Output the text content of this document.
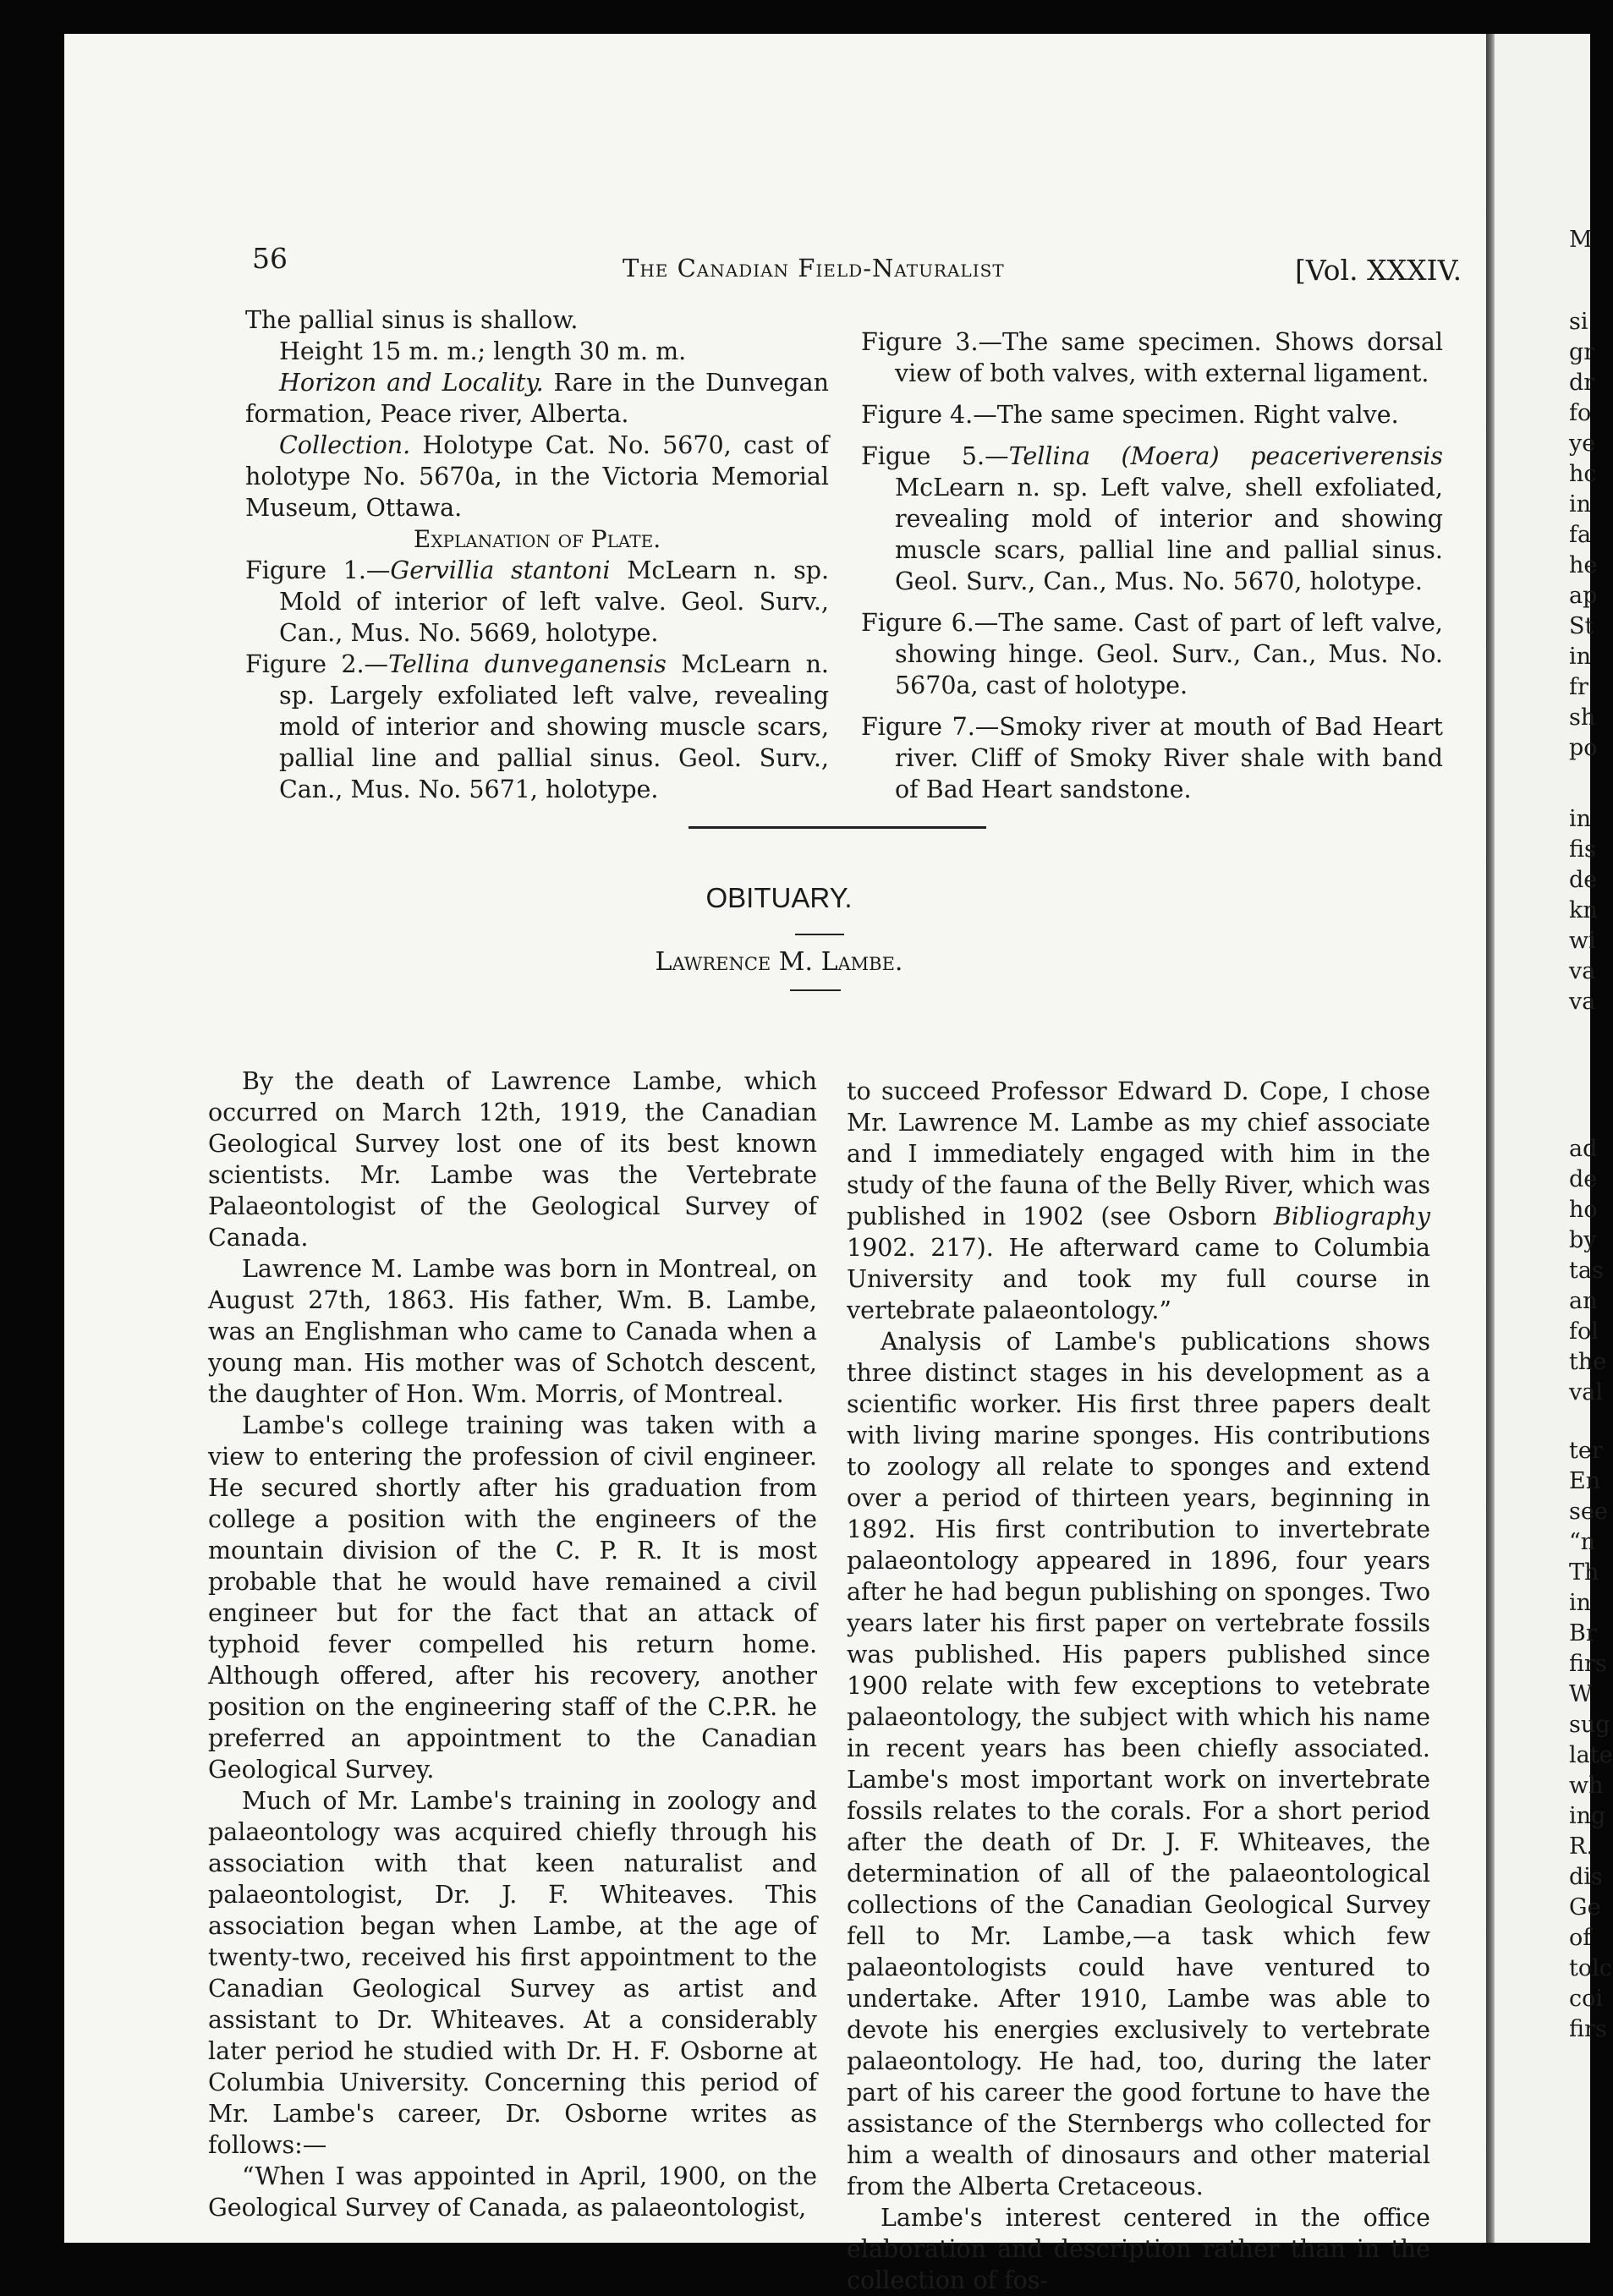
56	The Canadian Field-Naturalist	[Vol. XXXIV.

The pallial sinus is shallow.

Height 15 m. m.; length 30 m. m.

Horizon and Locality. Rare in the Dunvegan formation, Peace river, Alberta.

Collection. Holotype Cat. No. 5670, cast of holotype No. 5670a, in the Victoria Memorial Museum, Ottawa.

Explanation of Plate.

Figure 1.—Gervillia stantoni McLearn n. sp. Mold of interior of left valve. Geol. Surv., Can., Mus. No. 5669, holotype.

Figure 2.—Tellina dunveganensis McLearn n. sp. Largely exfoliated left valve, revealing mold of interior and showing muscle scars, pallial line and pallial sinus. Geol. Surv., Can., Mus. No. 5671, holotype.

Figure 3.—The same specimen. Shows dorsal view of both valves, with external ligament.

Figure 4.—The same specimen. Right valve.

Figue 5.—Tellina (Moera) peaceriverensis McLearn n. sp. Left valve, shell exfoliated, revealing mold of interior and showing muscle scars, pallial line and pallial sinus. Geol. Surv., Can., Mus. No. 5670, holotype.

Figure 6.—The same. Cast of part of left valve, showing hinge. Geol. Surv., Can., Mus. No. 5670a, cast of holotype.

Figure 7.—Smoky river at mouth of Bad Heart river. Cliff of Smoky River shale with band of Bad Heart sandstone.

OBITUARY.
Lawrence M. Lambe.

By the death of Lawrence Lambe, which occurred on March 12th, 1919, the Canadian Geological Survey lost one of its best known scientists. Mr. Lambe was the Vertebrate Palaeontologist of the Geological Survey of Canada.

Lawrence M. Lambe was born in Montreal, on August 27th, 1863. His father, Wm. B. Lambe, was an Englishman who came to Canada when a young man. His mother was of Schotch descent, the daughter of Hon. Wm. Morris, of Montreal.

Lambe's college training was taken with a view to entering the profession of civil engineer. He secured shortly after his graduation from college a position with the engineers of the mountain division of the C. P. R. It is most probable that he would have remained a civil engineer but for the fact that an attack of typhoid fever compelled his return home. Although offered, after his recovery, another position on the engineering staff of the C.P.R. he preferred an appointment to the Canadian Geological Survey.

Much of Mr. Lambe's training in zoology and palaeontology was acquired chiefly through his association with that keen naturalist and palaeontologist, Dr. J. F. Whiteaves. This association began when Lambe, at the age of twenty-two, received his first appointment to the Canadian Geological Survey as artist and assistant to Dr. Whiteaves. At a considerably later period he studied with Dr. H. F. Osborne at Columbia University. Concerning this period of Mr. Lambe's career, Dr. Osborne writes as follows:—

“When I was appointed in April, 1900, on the Geological Survey of Canada, as palaeontologist,

to succeed Professor Edward D. Cope, I chose Mr. Lawrence M. Lambe as my chief associate and I immediately engaged with him in the study of the fauna of the Belly River, which was published in 1902 (see Osborn Bibliography 1902. 217). He afterward came to Columbia University and took my full course in vertebrate palaeontology.”

Analysis of Lambe's publications shows three distinct stages in his development as a scientific worker. His first three papers dealt with living marine sponges. His contributions to zoology all relate to sponges and extend over a period of thirteen years, beginning in 1892. His first contribution to invertebrate palaeontology appeared in 1896, four years after he had begun publishing on sponges. Two years later his first paper on vertebrate fossils was published. His papers published since 1900 relate with few exceptions to vetebrate palaeontology, the subject with which his name in recent years has been chiefly associated. Lambe's most important work on invertebrate fossils relates to the corals. For a short period after the death of Dr. J. F. Whiteaves, the determination of all of the palaeontological collections of the Canadian Geological Survey fell to Mr. Lambe,—a task which few palaeontologists could have ventured to undertake. After 1910, Lambe was able to devote his energies exclusively to vertebrate palaeontology. He had, too, during the later part of his career the good fortune to have the assistance of the Sternbergs who collected for him a wealth of dinosaurs and other material from the Alberta Cretaceous.

Lambe's interest centered in the office elaboration and description rather than in the collection of fos-

M
si
gr
dr
fo
ye
hc
in
fa
he
ap
St
in
fr
sh
po
in
fis
de
kn
wi
va
va
ad
de
ho
by
tas
an
fol
the
val
ter
En
see
“n
Th
in
Br
firs
W
sug
late
wh
ing
R.
dis
Ge
of
tolc
coi
firs
